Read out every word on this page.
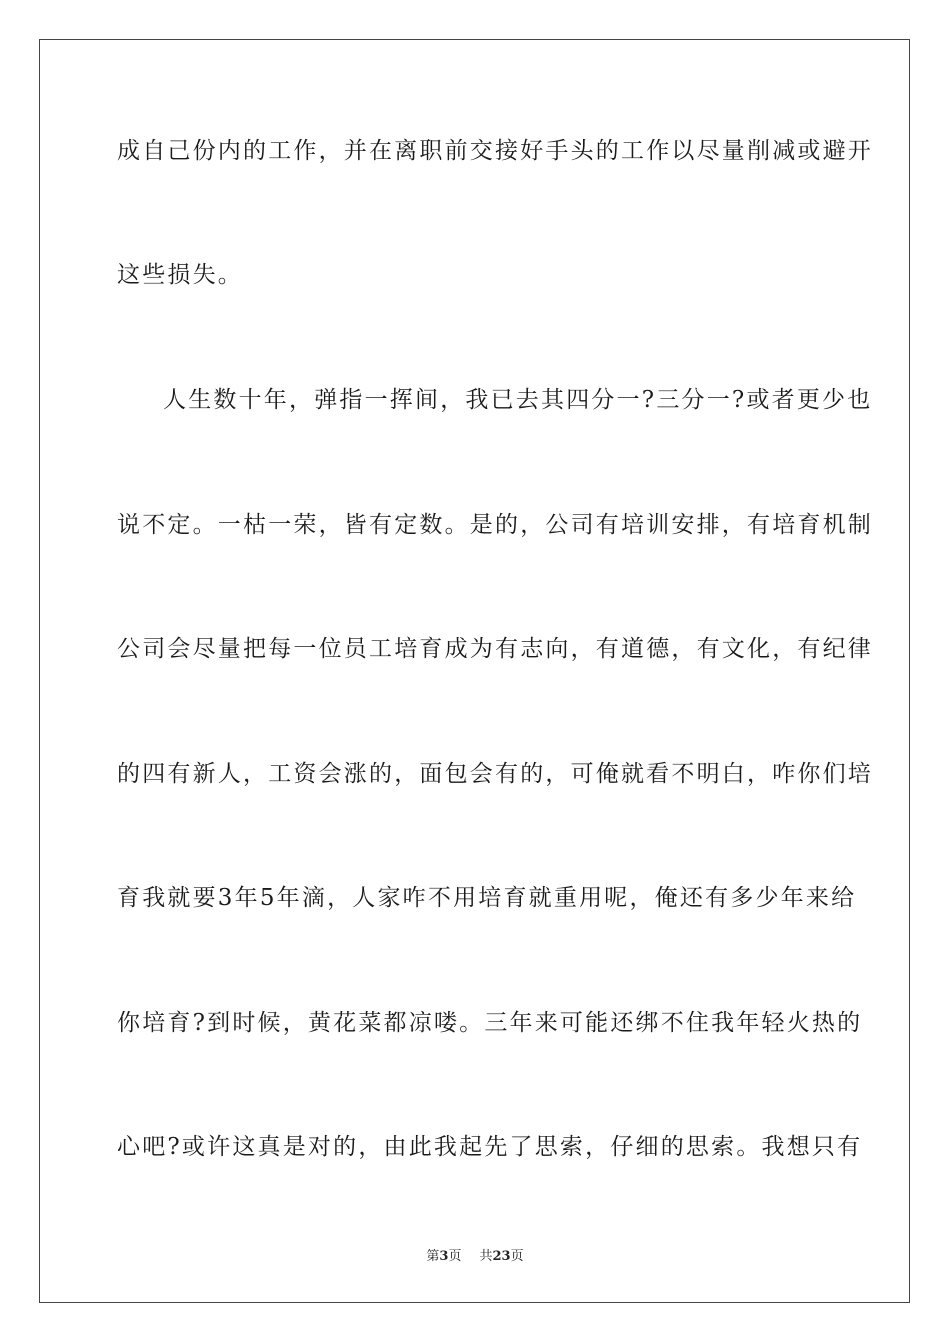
成自己份内的工作，并在离职前交接好手头的工作以尽量削减或避开
这些损失。
人生数十年，弹指一挥间，我已去其四分一?三分一?或者更少也
说不定。一枯一荣，皆有定数。是的，公司有培训安排，有培育机制
公司会尽量把每一位员工培育成为有志向，有道德，有文化，有纪律
的四有新人，工资会涨的，面包会有的，可俺就看不明白，咋你们培
育我就要3年5年滴，人家咋不用培育就重用呢，俺还有多少年来给
你培育?到时候，黄花菜都凉喽。三年来可能还绑不住我年轻火热的
心吧?或许这真是对的，由此我起先了思索，仔细的思索。我想只有
第3页 共23页
